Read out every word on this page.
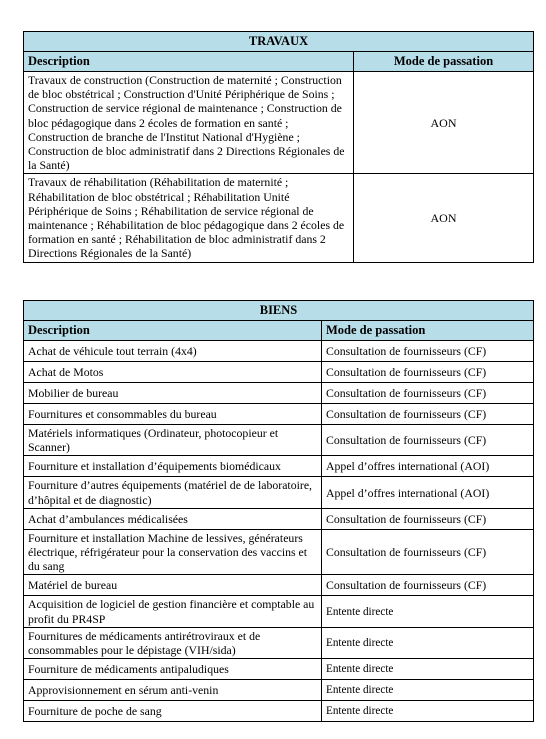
TRAVAUX	
Description	Mode de passation
Travaux de construction (Construction de maternité ; Construction de bloc obstétrical ; Construction d'Unité Périphérique de Soins ; Construction de service régional de maintenance ; Construction de bloc pédagogique dans 2 écoles de formation en santé ; Construction de branche de l'Institut National d'Hygiène ; Construction de bloc administratif dans 2 Directions Régionales de la Santé)	AON
Travaux de réhabilitation (Réhabilitation de maternité ; Réhabilitation de bloc obstétrical ; Réhabilitation Unité Périphérique de Soins ; Réhabilitation de service régional de maintenance ; Réhabilitation de bloc pédagogique dans 2 écoles de formation en santé ; Réhabilitation de bloc administratif dans 2 Directions Régionales de la Santé)	AON
BIENS	
Description	Mode de passation
Achat de véhicule tout terrain (4x4)	Consultation de fournisseurs (CF)
Achat de Motos	Consultation de fournisseurs (CF)
Mobilier de bureau	Consultation de fournisseurs (CF)
Fournitures et consommables du bureau	Consultation de fournisseurs (CF)
Matériels informatiques (Ordinateur, photocopieur et Scanner)	Consultation de fournisseurs (CF)
Fourniture et installation d’équipements biomédicaux	Appel d’offres international (AOI)
Fourniture d’autres équipements (matériel de de laboratoire, d’hôpital et de diagnostic)	Appel d’offres international (AOI)
Achat d’ambulances médicalisées	Consultation de fournisseurs (CF)
Fourniture et installation Machine de lessives, générateurs électrique, réfrigérateur pour la conservation des vaccins et du sang	Consultation de fournisseurs (CF)
Matériel de bureau	Consultation de fournisseurs (CF)
Acquisition de logiciel de gestion financière et comptable au profit du PR4SP	Entente directe
Fournitures de médicaments antirétroviraux et de consommables pour le dépistage (VIH/sida)	Entente directe
Fourniture de médicaments antipaludiques	Entente directe
Approvisionnement en sérum anti-venin	Entente directe
Fourniture de poche de sang	Entente directe
